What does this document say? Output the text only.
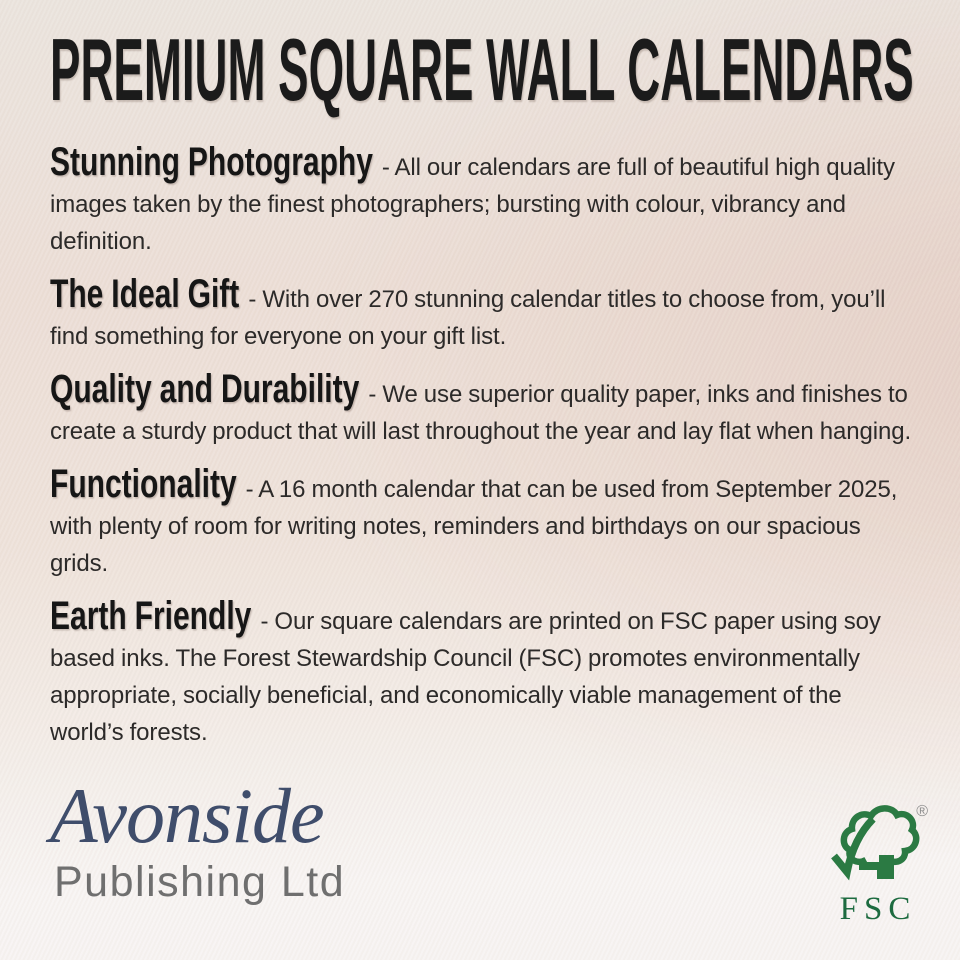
PREMIUM SQUARE WALL CALENDARS

Stunning Photography - All our calendars are full of beautiful high quality images taken by the finest photographers; bursting with colour, vibrancy and definition.

The Ideal Gift - With over 270 stunning calendar titles to choose from, you’ll find something for everyone on your gift list.

Quality and Durability - We use superior quality paper, inks and finishes to create a sturdy product that will last throughout the year and lay flat when hanging.

Functionality - A 16 month calendar that can be used from September 2025, with plenty of room for writing notes, reminders and birthdays on our spacious grids.

Earth Friendly - Our square calendars are printed on FSC paper using soy based inks. The Forest Stewardship Council (FSC) promotes environmentally appropriate, socially beneficial, and economically viable management of the world’s forests.

Avonside
Publishing Ltd
®
FSC
